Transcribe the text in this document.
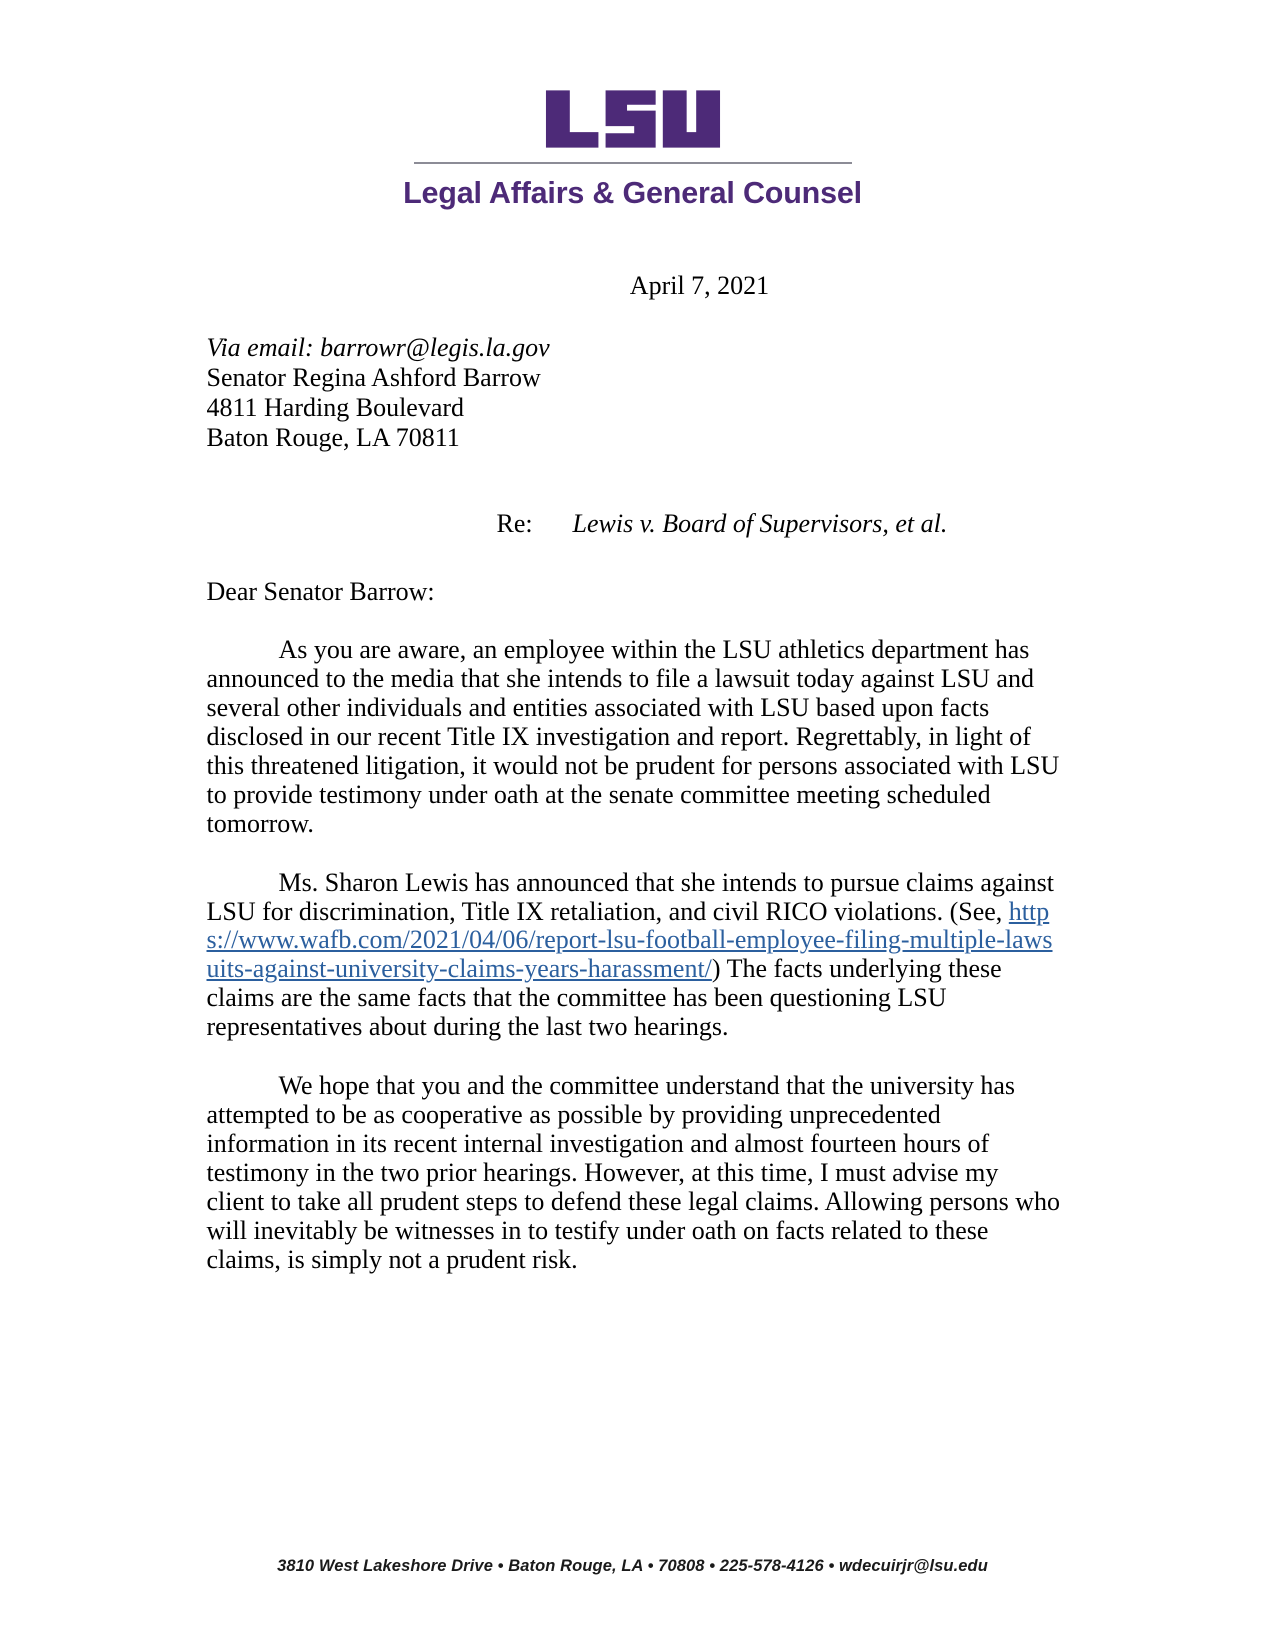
Legal Affairs & General Counsel
April 7, 2021
Via email: barrowr@legis.la.gov
Senator Regina Ashford Barrow
4811 Harding Boulevard
Baton Rouge, LA 70811
Re: Lewis v. Board of Supervisors, et al.
Dear Senator Barrow:

As you are aware, an employee within the LSU athletics department has announced to the media that she intends to file a lawsuit today against LSU and several other individuals and entities associated with LSU based upon facts disclosed in our recent Title IX investigation and report. Regrettably, in light of this threatened litigation, it would not be prudent for persons associated with LSU to provide testimony under oath at the senate committee meeting scheduled tomorrow.

Ms. Sharon Lewis has announced that she intends to pursue claims against LSU for discrimination, Title IX retaliation, and civil RICO violations. (See, https://www.wafb.com/2021/04/06/report-lsu-football-employee-filing-multiple-lawsuits-against-university-claims-years-harassment/) The facts underlying these claims are the same facts that the committee has been questioning LSU representatives about during the last two hearings.

We hope that you and the committee understand that the university has attempted to be as cooperative as possible by providing unprecedented information in its recent internal investigation and almost fourteen hours of testimony in the two prior hearings. However, at this time, I must advise my client to take all prudent steps to defend these legal claims. Allowing persons who will inevitably be witnesses in to testify under oath on facts related to these claims, is simply not a prudent risk.

3810 West Lakeshore Drive • Baton Rouge, LA • 70808 • 225-578-4126 • wdecuirjr@lsu.edu
